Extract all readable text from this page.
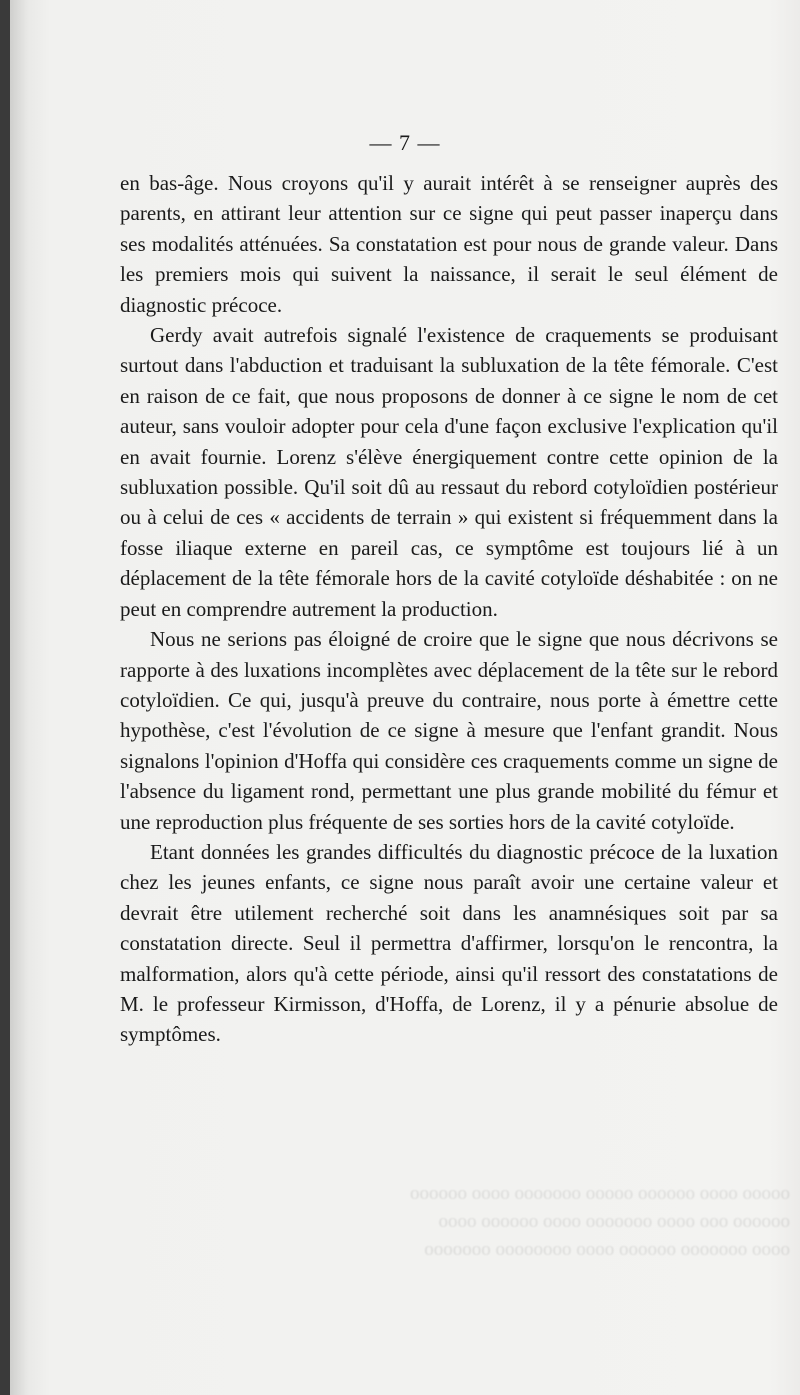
ooooo oooo oooooo ooooo ooooooo oooo oooooo
oooooo ooo oooo ooooooo oooo oooooo oooo
oooo ooooooo oooooo oooo oooooooo ooooooo
— 7 —

en bas-âge. Nous croyons qu'il y aurait intérêt à se renseigner auprès des parents, en attirant leur attention sur ce signe qui peut passer inaperçu dans ses modalités atténuées. Sa constatation est pour nous de grande valeur. Dans les premiers mois qui suivent la naissance, il serait le seul élément de diagnostic précoce.

Gerdy avait autrefois signalé l'existence de craquements se produisant surtout dans l'abduction et traduisant la subluxation de la tête fémorale. C'est en raison de ce fait, que nous proposons de donner à ce signe le nom de cet auteur, sans vouloir adopter pour cela d'une façon exclusive l'explication qu'il en avait fournie. Lorenz s'élève énergiquement contre cette opinion de la subluxation possible. Qu'il soit dû au ressaut du rebord cotyloïdien postérieur ou à celui de ces « accidents de terrain » qui existent si fréquemment dans la fosse iliaque externe en pareil cas, ce symptôme est toujours lié à un déplacement de la tête fémorale hors de la cavité cotyloïde déshabitée : on ne peut en comprendre autrement la production.

Nous ne serions pas éloigné de croire que le signe que nous décrivons se rapporte à des luxations incomplètes avec déplacement de la tête sur le rebord cotyloïdien. Ce qui, jusqu'à preuve du contraire, nous porte à émettre cette hypothèse, c'est l'évolution de ce signe à mesure que l'enfant grandit. Nous signalons l'opinion d'Hoffa qui considère ces craquements comme un signe de l'absence du ligament rond, permettant une plus grande mobilité du fémur et une reproduction plus fréquente de ses sorties hors de la cavité cotyloïde.

Etant données les grandes difficultés du diagnostic précoce de la luxation chez les jeunes enfants, ce signe nous paraît avoir une certaine valeur et devrait être utilement recherché soit dans les anamnésiques soit par sa constatation directe. Seul il permettra d'affirmer, lorsqu'on le rencontra, la malformation, alors qu'à cette période, ainsi qu'il ressort des constatations de M. le professeur Kirmisson, d'Hoffa, de Lorenz, il y a pénurie absolue de symptômes.
